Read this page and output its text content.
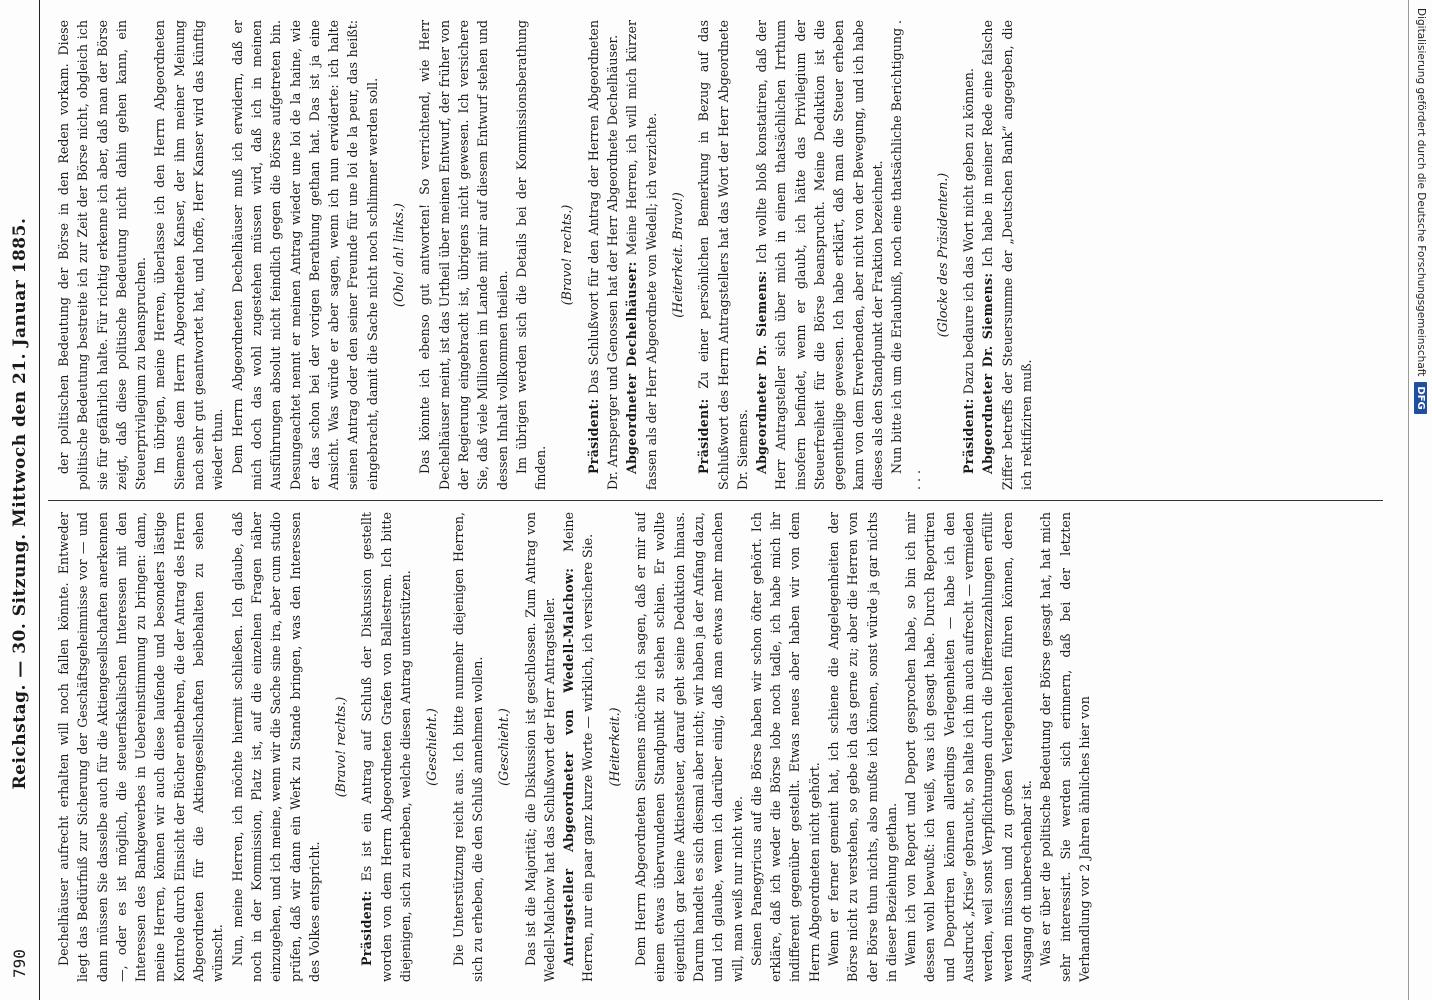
790
Reichstag. — 30. Sitzung. Mittwoch den 21. Januar 1885. Dechelhäuser aufrecht erhalten will noch fallen könnte. Entweder liegt das Bedürfniß zur Sicherung der Geschäftsgeheimnisse vor — und dann müssen Sie dasselbe auch für die Aktiengesellschaften anerkennen —, oder es ist möglich, die steuerfiskalischen Interessen mit den Interessen des Bankgewerbes in Uebereinstimmung zu bringen: dann, meine Herren, können wir auch diese laufende und besonders lästige Kontrole durch Einsicht der Bücher entbehren, die der Antrag des Herrn Abgeordneten für die Aktiengesellschaften beibehalten zu sehen wünscht. Nun, meine Herren, ich möchte hiermit schließen. Ich glaube, daß noch in der Kommission, Platz ist, auf die einzelnen Fragen näher einzugehen, und ich meine, wenn wir die Sache sine ira, aber cum studio prüfen, daß wir dann ein Werk zu Stande bringen, was den Interessen des Volkes entspricht.

(Bravo! rechts.)

Präsident: Es ist ein Antrag auf Schluß der Diskussion gestellt worden von dem Herrn Abgeordneten Grafen von Ballestrem. Ich bitte diejenigen, sich zu erheben, welche diesen Antrag unterstützen. (Geschieht.) Die Unterstützung reicht aus. Ich bitte nunmehr diejenigen Herren, sich zu erheben, die den Schluß annehmen wollen. (Geschieht.) Das ist die Majorität; die Diskussion ist geschlossen. Zum Antrag von Wedell-Malchow hat das Schlußwort der Herr Antragsteller. Antragsteller Abgeordneter von Wedell-Malchow: Meine Herren, nur ein paar ganz kurze Worte — wirklich, ich versichere Sie. (Heiterkeit.) Dem Herrn Abgeordneten Siemens möchte ich sagen, daß er mir auf einem etwas überwundenen Standpunkt zu stehen schien. Er wollte eigentlich gar keine Aktiensteuer, darauf geht seine Deduktion hinaus. Darum handelt es sich diesmal aber nicht; wir haben ja der Anfang dazu, und ich glaube, wenn ich darüber einig, daß man etwas mehr machen will, man weiß nur nicht wie. Seinen Panegyricus auf die Börse haben wir schon öfter gehört. Ich erkläre, daß ich weder die Börse lobe noch tadle, ich habe mich ihr indifferent gegenüber gestellt. Etwas neues aber haben wir von dem Herrn Abgeordneten nicht gehört. Wenn er ferner gemeint hat, ich schiene die Angelegenheiten der Börse nicht zu verstehen, so gebe ich das gerne zu; aber die Herren von der Börse thun nichts, also mußte ich können, sonst würde ja gar nichts in dieser Beziehung gethan. Wenn ich von Report und Deport gesprochen habe, so bin ich mir dessen wohl bewußt: ich weiß, was ich gesagt habe. Durch Reportiren und Deportiren können allerdings Verlegenheiten — habe ich den Ausdruck „Krise“ gebraucht, so halte ich ihn auch aufrecht — vermieden werden, weil sonst Verpflichtungen durch die Differenzzahlungen erfüllt werden müssen und zu großen Verlegenheiten führen können, deren Ausgang oft unberechenbar ist. Was er über die politische Bedeutung der Börse gesagt hat, hat mich sehr interessirt. Sie werden sich erinnern, daß bei der letzten Verhandlung vor 2 Jahren ähnliches hier von

der politischen Bedeutung der Börse in den Reden vorkam. Diese politische Bedeutung bestreite ich zur Zeit der Börse nicht, obgleich ich sie für gefährlich halte. Für richtig erkenne ich aber, daß man der Börse zeigt, daß diese politische Bedeutung nicht dahin gehen kann, ein Steuerprivilegium zu beanspruchen. Im übrigen, meine Herren, überlasse ich den Herrn Abgeordneten Siemens dem Herrn Abgeordneten Kanser, der ihm meiner Meinung nach sehr gut geantwortet hat, und hoffe, Herr Kanser wird das künftig wieder thun. Dem Herrn Abgeordneten Dechelhäuser muß ich erwidern, daß er mich doch das wohl zugestehen müssen wird, daß ich in meinen Ausführungen absolut nicht feindlich gegen die Börse aufgetreten bin. Desungeachtet nennt er meinen Antrag wieder une loi de la haine, wie er das schon bei der vorigen Berathung gethan hat. Das ist ja eine Ansicht. Was würde er aber sagen, wenn ich nun erwiderte: ich halte seinen Antrag oder den seiner Freunde für une loi de la peur, das heißt: eingebracht, damit die Sache nicht noch schlimmer werden soll. (Oho! ah! links.) Das könnte ich ebenso gut antworten! So verrichtend, wie Herr Dechelhäuser meint, ist das Urtheil über meinen Entwurf, der früher von der Regierung eingebracht ist, übrigens nicht gewesen. Ich versichere Sie, daß viele Millionen im Lande mit mir auf diesem Entwurf stehen und dessen Inhalt vollkommen theilen. Im übrigen werden sich die Details bei der Kommissionsberathung finden.

(Bravo! rechts.)

Präsident: Das Schlußwort für den Antrag der Herren Abgeordneten Dr. Arnsperger und Genossen hat der Herr Abgeordnete Dechelhäuser. Abgeordneter Dechelhäuser: Meine Herren, ich will mich kürzer fassen als der Herr Abgeordnete von Wedell; ich verzichte. (Heiterkeit. Bravo!)

Präsident: Zu einer persönlichen Bemerkung in Bezug auf das Schlußwort des Herrn Antragstellers hat das Wort der Herr Abgeordnete Dr. Siemens. Abgeordneter Dr. Siemens: Ich wollte bloß konstatiren, daß der Herr Antragsteller sich über mich in einem thatsächlichen Irrthum insofern befindet, wenn er glaubt, ich hätte das Privilegium der Steuerfreiheit für die Börse beansprucht. Meine Deduktion ist die gegentheilige gewesen. Ich habe erklärt, daß man die Steuer erheben kann von dem Erwerbenden, aber nicht von der Bewegung, und ich habe dieses als den Standpunkt der Fraktion bezeichnet. Nun bitte ich um die Erlaubniß, noch eine thatsächliche Berichtigung . . . .

(Glocke des Präsidenten.)

Präsident: Dazu bedaure ich das Wort nicht geben zu können. Abgeordneter Dr. Siemens: Ich habe in meiner Rede eine falsche Ziffer betreffs der Steuersumme der „Deutschen Bank“ angegeben, die ich rektifiziren muß.

Digitalisierung gefördert durch die Deutsche Forschungsgemeinschaft
DFG
